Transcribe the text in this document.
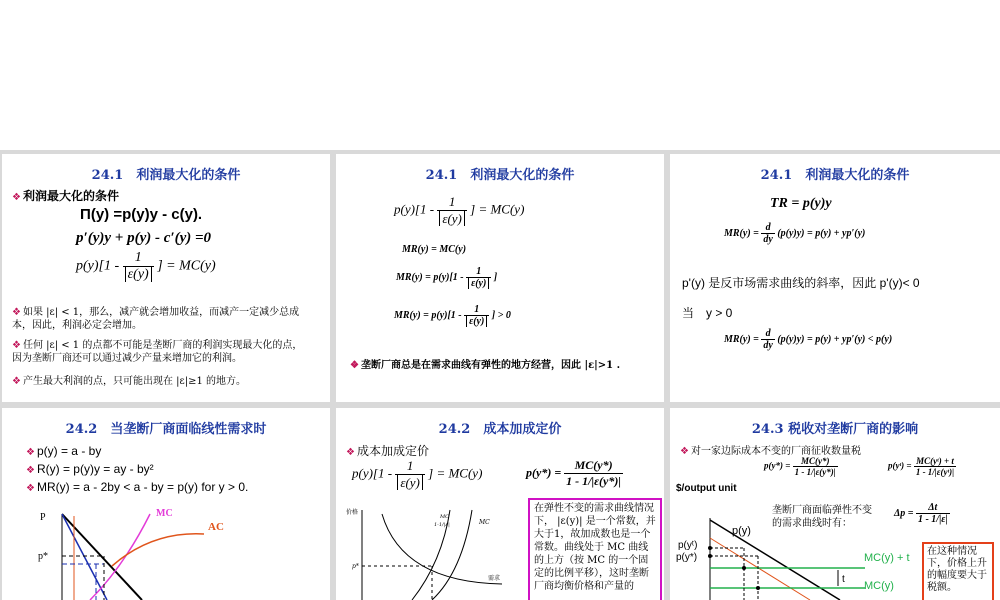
24.1　利润最大化的条件
❖ 利润最大化的条件
Π(y) =p(y)y - c(y).
p′(y)y + p(y) - c′(y) =0
$p(y)[1 - \frac{1}{\varepsilon(y)}$ ] = MC(y)
❖ 如果 |ε| < 1，那么，减产就会增加收益，而减产一定减少总成本，因此，利润必定会增加。
❖ 任何 |ε| < 1 的点都不可能是垄断厂商的利润实现最大化的点，因为垄断厂商还可以通过减少产量来增加它的利润。
❖ 产生最大利润的点，只可能出现在 |ε|≥1 的地方。
24.1　利润最大化的条件
$p(y)[1 - \frac{1}{\varepsilon(y)}$ ] = MC(y)
MR(y) = MC(y)
$MR(y) = p(y)[1 - \frac{1}{\varepsilon(y)}$ ]
$MR(y) = p(y)[1 - \frac{1}{\varepsilon(y)}$ ] > 0
❖ 垄断厂商总是在需求曲线有弹性的地方经营，因此 |ε|>1 .
24.1　利润最大化的条件
TR = p(y)y
$MR(y) = \frac{d}{dy} (p(y)y) = p(y) + yp'(y)$
p'(y) 是反市场需求曲线的斜率，因此 p'(y)< 0
当　y > 0
$MR(y) = \frac{d}{dy} (p(y)y) = p(y) + yp'(y) < p(y)$
24.2　当垄断厂商面临线性需求时
❖ p(y) = a - by
❖ R(y) = p(y)y = ay - by²
❖ MR(y) = a - 2by < a - by = p(y) for y > 0.
P
p*
MC
AC
24.2　成本加成定价
❖ 成本加成定价
$p(y)[1 - \frac{1}{\varepsilon(y)}$ ] = MC(y)	$p(y*) = \frac{MC(y*)}{1 - 1/|\varepsilon(y*)|}$
价格
MC
MC
1-1/|ε|
需求
p*
在弹性不变的需求曲线情况下， |ε(y)| 是一个常数，并大于1，故加成数也是一个常数。曲线处于 MC 曲线的上方（按 MC 的一个固定的比例平移），这时垄断厂商均衡价格和产量的
24.3 税收对垄断厂商的影响
❖ 对一家边际成本不变的厂商征收数量税
$p(y*) = \frac{MC(y*)}{1 - 1/|\varepsilon(y*)|}$	p(yᵗ) = $\frac{\text{MC(yᵗ) + t}}{\text{1 - 1/|ε(yᵗ)|}}$
$/output unit
垄断厂商面临弹性不变的需求曲线时有：
$\Delta p = \frac{\Delta t}{1 - 1/|\varepsilon|}$
p(y)
p(yᵗ)
p(y*)
t
MC(y) + t
MC(y)
在这种情况下，价格上升的幅度要大于税额。
